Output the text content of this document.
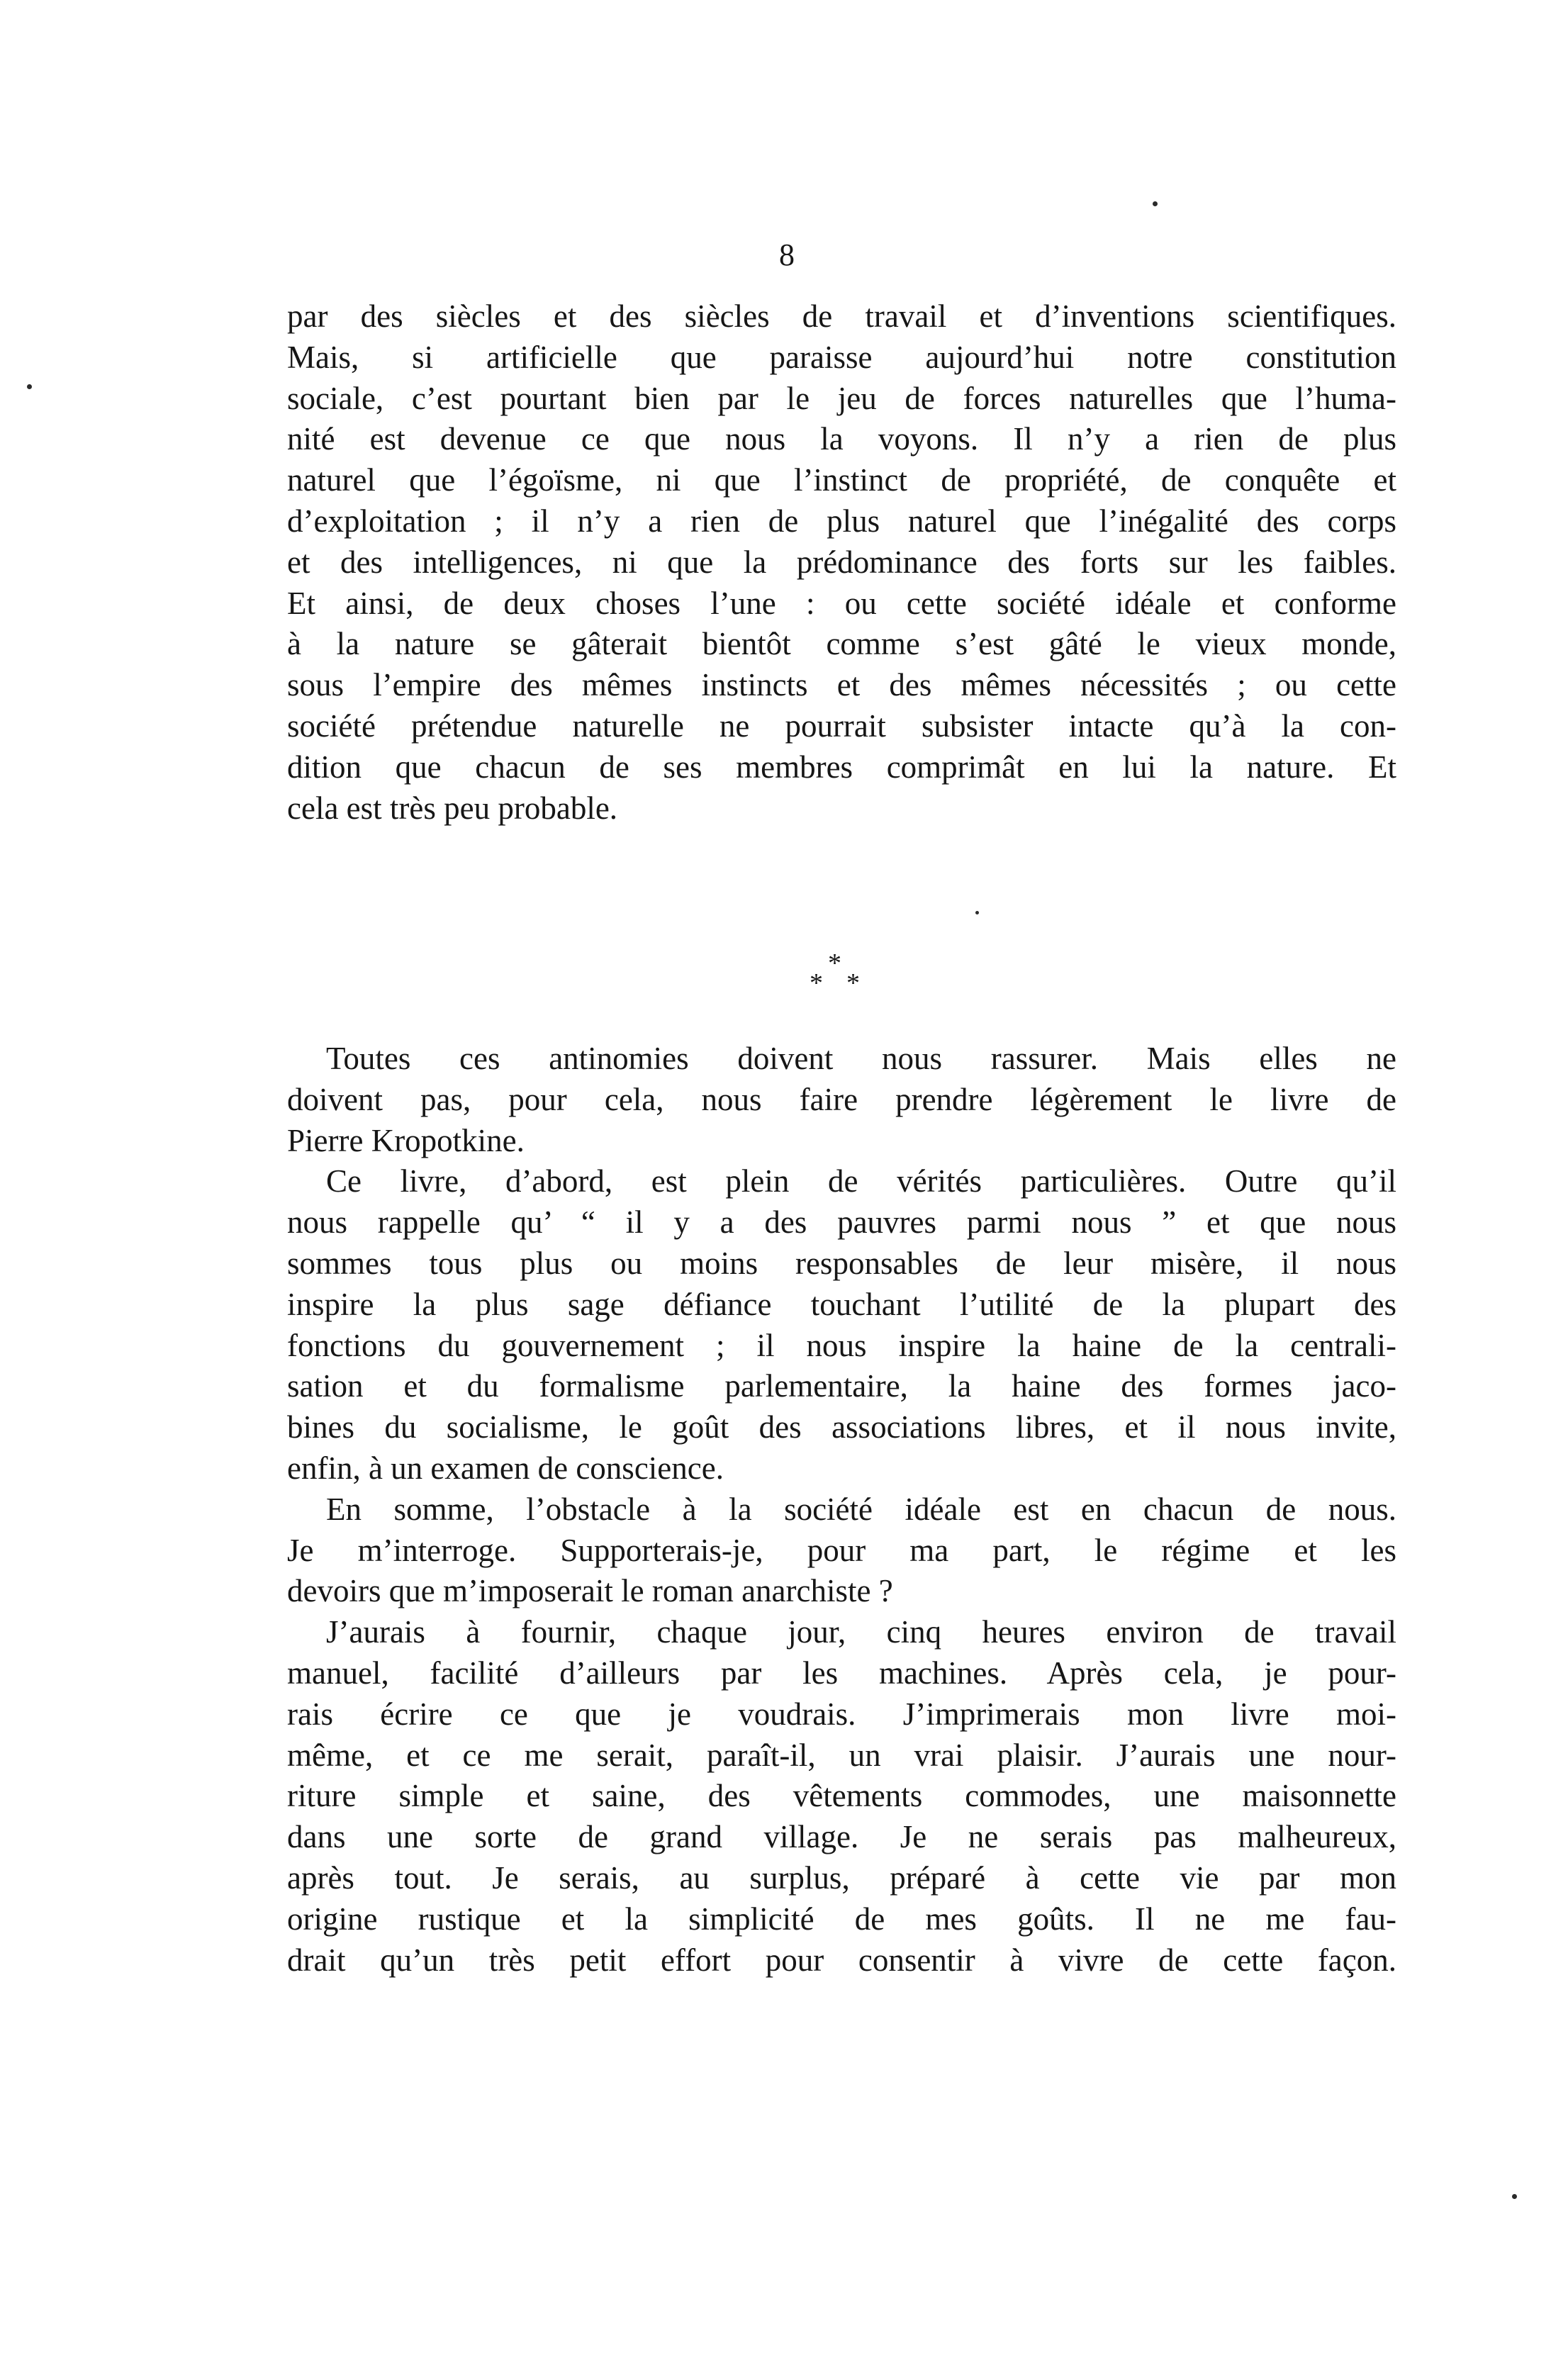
8
par des siècles et des siècles de travail et d’inventions scientifiques.
Mais, si artificielle que paraisse aujourd’hui notre constitution
sociale, c’est pourtant bien par le jeu de forces naturelles que l’huma-
nité est devenue ce que nous la voyons. Il n’y a rien de plus
naturel que l’égoïsme, ni que l’instinct de propriété, de conquête et
d’exploitation ; il n’y a rien de plus naturel que l’inégalité des corps
et des intelligences, ni que la prédominance des forts sur les faibles.
Et ainsi, de deux choses l’une : ou cette société idéale et conforme
à la nature se gâterait bientôt comme s’est gâté le vieux monde,
sous l’empire des mêmes instincts et des mêmes nécessités ; ou cette
société prétendue naturelle ne pourrait subsister intacte qu’à la con-
dition que chacun de ses membres comprimât en lui la nature. Et
cela est très peu probable.
*
* *
Toutes ces antinomies doivent nous rassurer. Mais elles ne
doivent pas, pour cela, nous faire prendre légèrement le livre de
Pierre Kropotkine.
Ce livre, d’abord, est plein de vérités particulières. Outre qu’il
nous rappelle qu’ “ il y a des pauvres parmi nous ” et que nous
sommes tous plus ou moins responsables de leur misère, il nous
inspire la plus sage défiance touchant l’utilité de la plupart des
fonctions du gouvernement ; il nous inspire la haine de la centrali-
sation et du formalisme parlementaire, la haine des formes jaco-
bines du socialisme, le goût des associations libres, et il nous invite,
enfin, à un examen de conscience.
En somme, l’obstacle à la société idéale est en chacun de nous.
Je m’interroge. Supporterais-je, pour ma part, le régime et les
devoirs que m’imposerait le roman anarchiste ?
J’aurais à fournir, chaque jour, cinq heures environ de travail
manuel, facilité d’ailleurs par les machines. Après cela, je pour-
rais écrire ce que je voudrais. J’imprimerais mon livre moi-
même, et ce me serait, paraît-il, un vrai plaisir. J’aurais une nour-
riture simple et saine, des vêtements commodes, une maisonnette
dans une sorte de grand village. Je ne serais pas malheureux,
après tout. Je serais, au surplus, préparé à cette vie par mon
origine rustique et la simplicité de mes goûts. Il ne me fau-
drait qu’un très petit effort pour consentir à vivre de cette façon.
